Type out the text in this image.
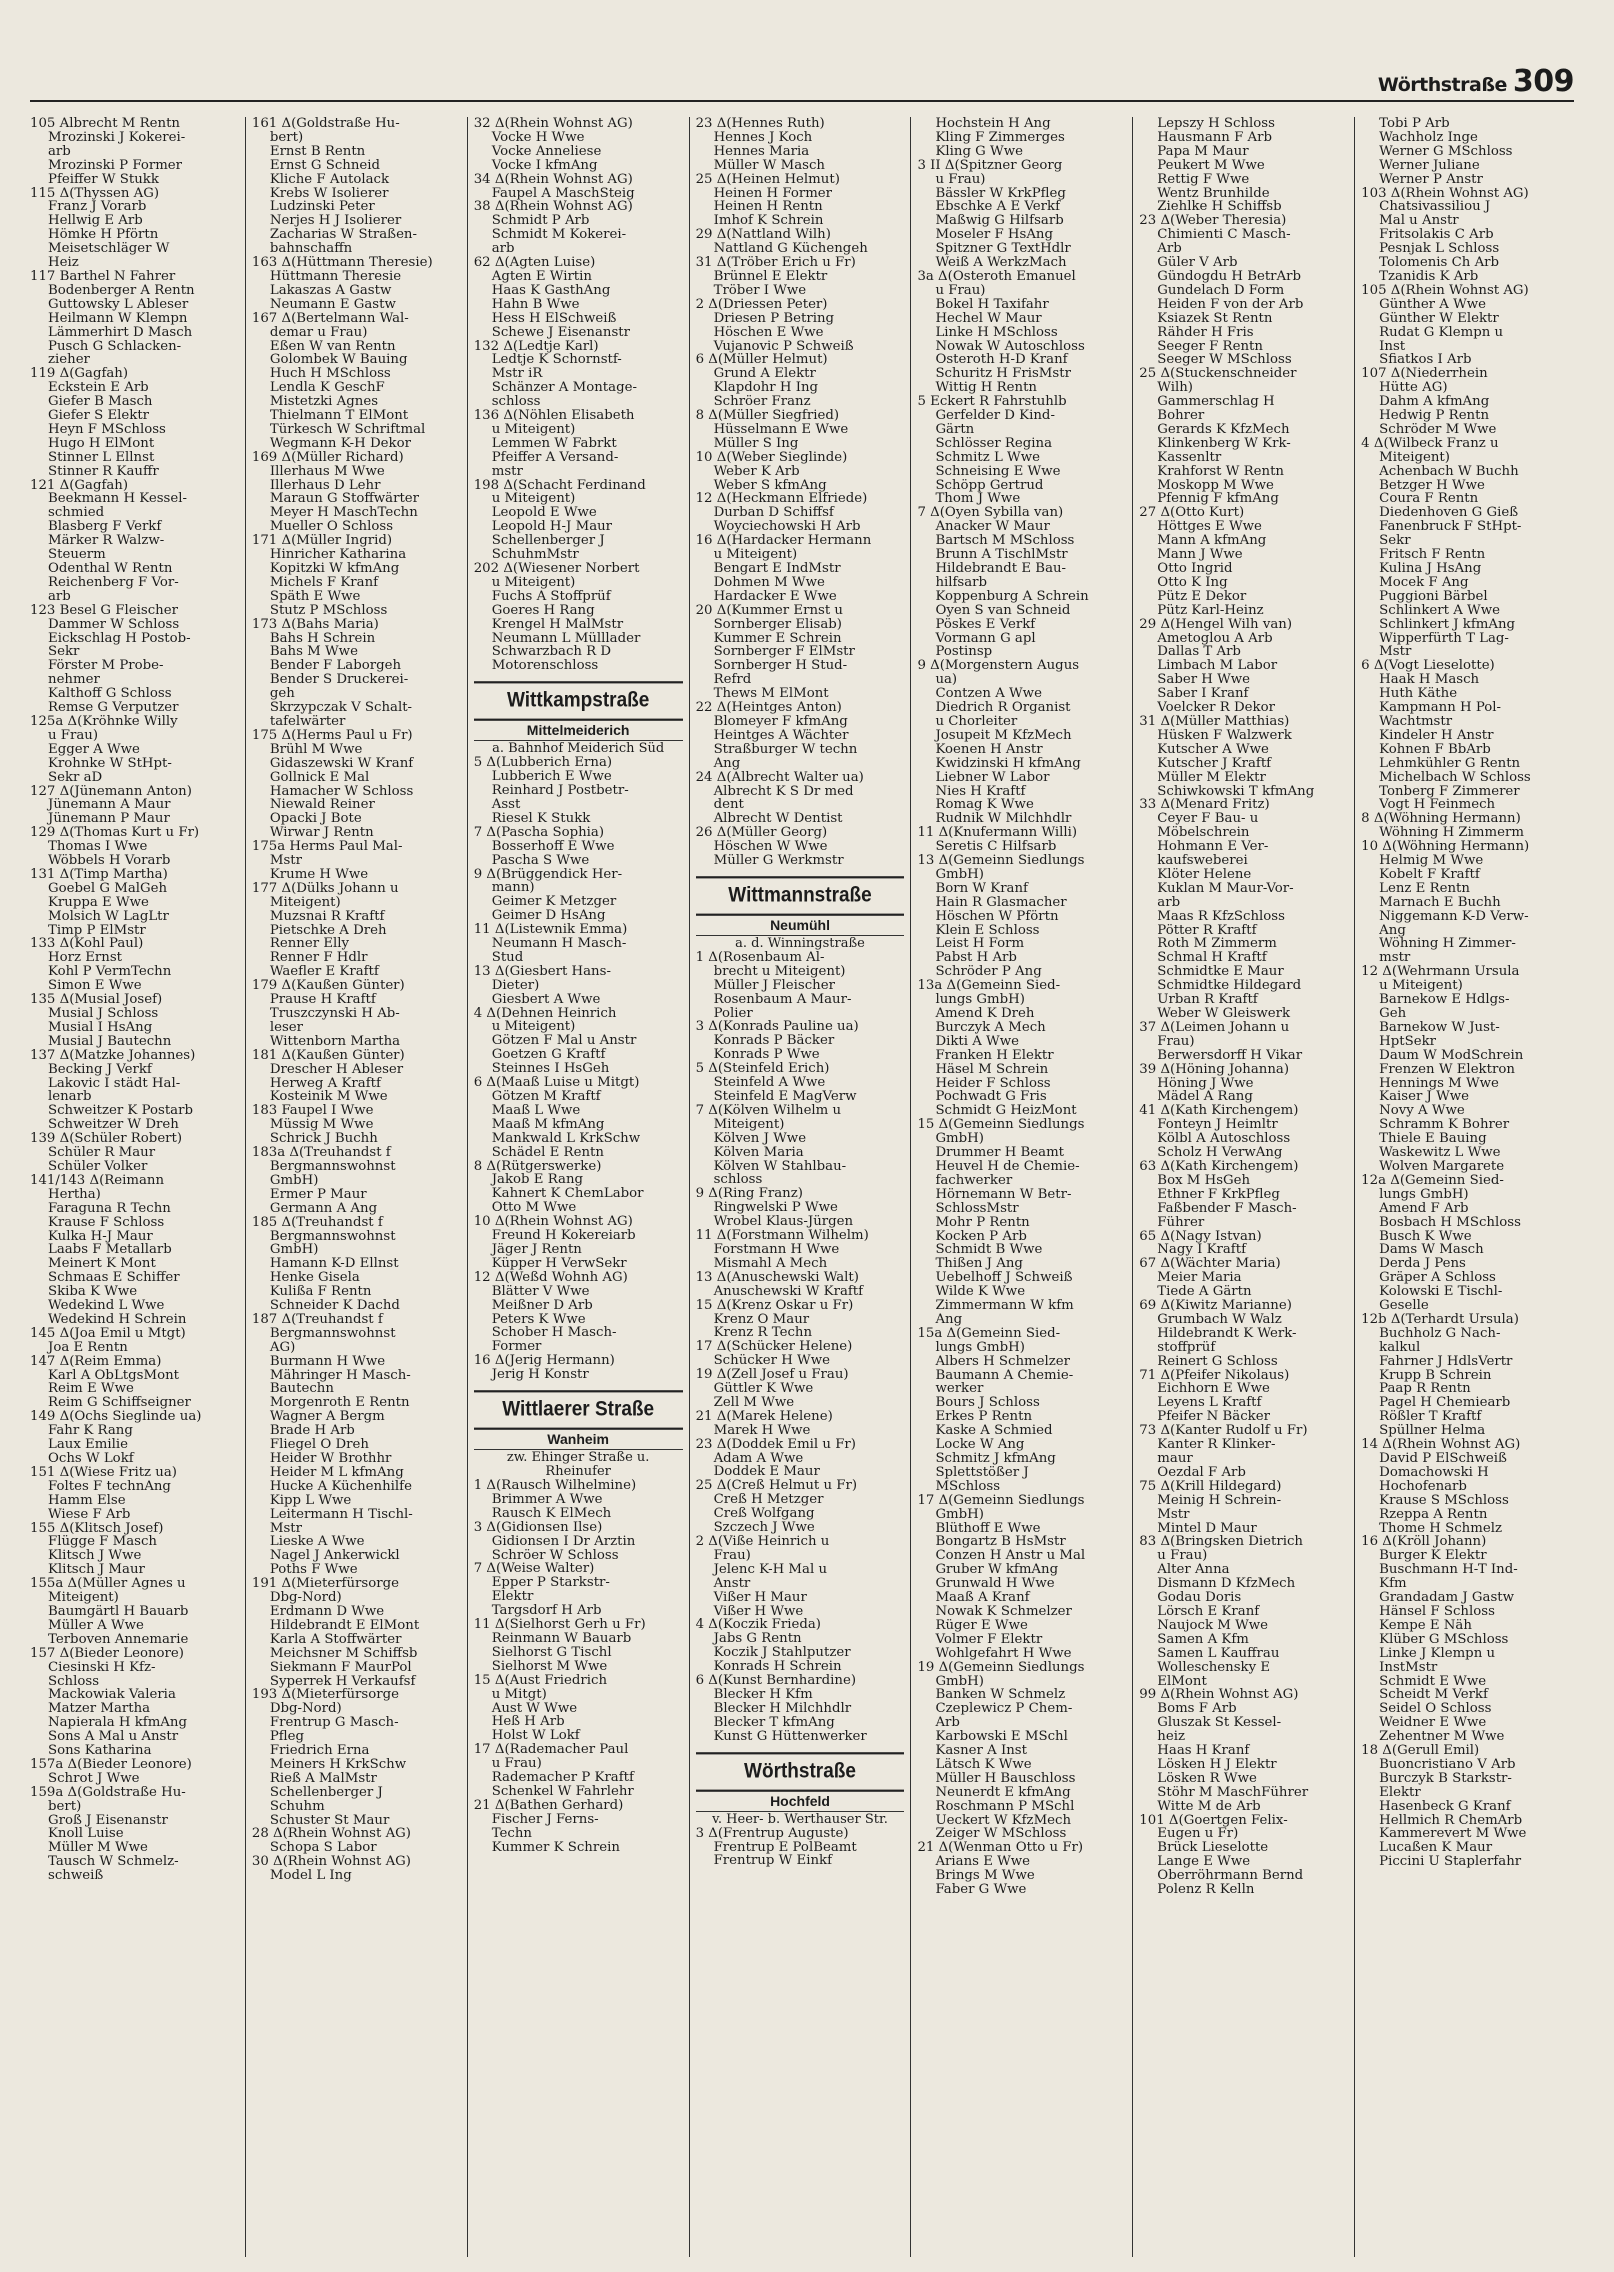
Wörthstraße 309
105 Albrecht M Rentn
Mrozinski J Kokerei-
arb
Mrozinski P Former
Pfeiffer W Stukk
115 Δ(Thyssen AG)
Franz J Vorarb
Hellwig E Arb
Hömke H Pförtn
Meisetschläger W
Heiz
117 Barthel N Fahrer
Bodenberger A Rentn
Guttowsky L Ableser
Heilmann W Klempn
Lämmerhirt D Masch
Pusch G Schlacken-
zieher
119 Δ(Gagfah)
Eckstein E Arb
Giefer B Masch
Giefer S Elektr
Heyn F MSchloss
Hugo H ElMont
Stinner L Ellnst
Stinner R Kauffr
121 Δ(Gagfah)
Beekmann H Kessel-
schmied
Blasberg F Verkf
Märker R Walzw-
Steuerm
Odenthal W Rentn
Reichenberg F Vor-
arb
123 Besel G Fleischer
Dammer W Schloss
Eickschlag H Postob-
Sekr
Förster M Probe-
nehmer
Kalthoff G Schloss
Remse G Verputzer
125a Δ(Kröhnke Willy
u Frau)
Egger A Wwe
Krohnke W StHpt-
Sekr aD
127 Δ(Jünemann Anton)
Jünemann A Maur
Jünemann P Maur
129 Δ(Thomas Kurt u Fr)
Thomas I Wwe
Wöbbels H Vorarb
131 Δ(Timp Martha)
Goebel G MalGeh
Kruppa E Wwe
Molsich W LagLtr
Timp P ElMstr
133 Δ(Kohl Paul)
Horz Ernst
Kohl P VermTechn
Simon E Wwe
135 Δ(Musial Josef)
Musial J Schloss
Musial I HsAng
Musial J Bautechn
137 Δ(Matzke Johannes)
Becking J Verkf
Lakovic I städt Hal-
lenarb
Schweitzer K Postarb
Schweitzer W Dreh
139 Δ(Schüler Robert)
Schüler R Maur
Schüler Volker
141/143 Δ(Reimann
Hertha)
Faraguna R Techn
Krause F Schloss
Kulka H-J Maur
Laabs F Metallarb
Meinert K Mont
Schmaas E Schiffer
Skiba K Wwe
Wedekind L Wwe
Wedekind H Schrein
145 Δ(Joa Emil u Mtgt)
Joa E Rentn
147 Δ(Reim Emma)
Karl A ObLtgsMont
Reim E Wwe
Reim G Schiffseigner
149 Δ(Ochs Sieglinde ua)
Fahr K Rang
Laux Emilie
Ochs W Lokf
151 Δ(Wiese Fritz ua)
Foltes F technAng
Hamm Else
Wiese F Arb
155 Δ(Klitsch Josef)
Flügge F Masch
Klitsch J Wwe
Klitsch J Maur
155a Δ(Müller Agnes u
Miteigent)
Baumgärtl H Bauarb
Müller A Wwe
Terboven Annemarie
157 Δ(Bieder Leonore)
Ciesinski H Kfz-
Schloss
Mackowiak Valeria
Matzer Martha
Napierala H kfmAng
Sons A Mal u Anstr
Sons Katharina
157a Δ(Bieder Leonore)
Schrot J Wwe
159a Δ(Goldstraße Hu-
bert)
Groß J Eisenanstr
Knoll Luise
Müller M Wwe
Tausch W Schmelz-
schweiß
161 Δ(Goldstraße Hu-
bert)
Ernst B Rentn
Ernst G Schneid
Kliche F Autolack
Krebs W Isolierer
Ludzinski Peter
Nerjes H J Isolierer
Zacharias W Straßen-
bahnschaffn
163 Δ(Hüttmann Theresie)
Hüttmann Theresie
Lakaszas A Gastw
Neumann E Gastw
167 Δ(Bertelmann Wal-
demar u Frau)
Eßen W van Rentn
Golombek W Bauing
Huch H MSchloss
Lendla K GeschF
Mistetzki Agnes
Thielmann T ElMont
Türkesch W Schriftmal
Wegmann K-H Dekor
169 Δ(Müller Richard)
Illerhaus M Wwe
Illerhaus D Lehr
Maraun G Stoffwärter
Meyer H MaschTechn
Mueller O Schloss
171 Δ(Müller Ingrid)
Hinricher Katharina
Kopitzki W kfmAng
Michels F Kranf
Späth E Wwe
Stutz P MSchloss
173 Δ(Bahs Maria)
Bahs H Schrein
Bahs M Wwe
Bender F Laborgeh
Bender S Druckerei-
geh
Skrzypczak V Schalt-
tafelwärter
175 Δ(Herms Paul u Fr)
Brühl M Wwe
Gidaszewski W Kranf
Gollnick E Mal
Hamacher W Schloss
Niewald Reiner
Opacki J Bote
Wirwar J Rentn
175a Herms Paul Mal-
Mstr
Krume H Wwe
177 Δ(Dülks Johann u
Miteigent)
Muzsnai R Kraftf
Pietschke A Dreh
Renner Elly
Renner F Hdlr
Waefler E Kraftf
179 Δ(Kaußen Günter)
Prause H Kraftf
Truszczynski H Ab-
leser
Wittenborn Martha
181 Δ(Kaußen Günter)
Drescher H Ableser
Herweg A Kraftf
Kosteinik M Wwe
183 Faupel I Wwe
Müssig M Wwe
Schrick J Buchh
183a Δ(Treuhandst f
Bergmannswohnst
GmbH)
Ermer P Maur
Germann A Ang
185 Δ(Treuhandst f
Bergmannswohnst
GmbH)
Hamann K-D Ellnst
Henke Gisela
Kulißa F Rentn
Schneider K Dachd
187 Δ(Treuhandst f
Bergmannswohnst
AG)
Burmann H Wwe
Mähringer H Masch-
Bautechn
Morgenroth E Rentn
Wagner A Bergm
Brade H Arb
Fliegel O Dreh
Heider W Brothhr
Heider M L kfmAng
Hucke A Küchenhilfe
Kipp L Wwe
Leitermann H Tischl-
Mstr
Lieske A Wwe
Nagel J Ankerwickl
Poths F Wwe
191 Δ(Mieterfürsorge
Dbg-Nord)
Erdmann D Wwe
Hildebrandt E ElMont
Karla A Stoffwärter
Meichsner M Schiffsb
Siekmann F MaurPol
Syperrek H Verkaufsf
193 Δ(Mieterfürsorge
Dbg-Nord)
Frentrup G Masch-
Pfleg
Friedrich Erna
Meiners H KrkSchw
Rieß A MalMstr
Schellenberger J
Schuhm
Schuster St Maur
28 Δ(Rhein Wohnst AG)
Schopa S Labor
30 Δ(Rhein Wohnst AG)
Model L Ing
32 Δ(Rhein Wohnst AG)
Vocke H Wwe
Vocke Anneliese
Vocke I kfmAng
34 Δ(Rhein Wohnst AG)
Faupel A MaschSteig
38 Δ(Rhein Wohnst AG)
Schmidt P Arb
Schmidt M Kokerei-
arb
62 Δ(Agten Luise)
Agten E Wirtin
Haas K GasthAng
Hahn B Wwe
Hess H ElSchweiß
Schewe J Eisenanstr
132 Δ(Ledtje Karl)
Ledtje K Schornstf-
Mstr iR
Schänzer A Montage-
schloss
136 Δ(Nöhlen Elisabeth
u Miteigent)
Lemmen W Fabrkt
Pfeiffer A Versand-
mstr
198 Δ(Schacht Ferdinand
u Miteigent)
Leopold E Wwe
Leopold H-J Maur
Schellenberger J
SchuhmMstr
202 Δ(Wiesener Norbert
u Miteigent)
Fuchs A Stoffprüf
Goeres H Rang
Krengel H MalMstr
Neumann L Mülllader
Schwarzbach R D
Motorenschloss
Wittkampstraße
Mittelmeiderich
a. Bahnhof Meiderich Süd
5 Δ(Lubberich Erna)
Lubberich E Wwe
Reinhard J Postbetr-
Asst
Riesel K Stukk
7 Δ(Pascha Sophia)
Bosserhoff E Wwe
Pascha S Wwe
9 Δ(Brüggendick Her-
mann)
Geimer K Metzger
Geimer D HsAng
11 Δ(Listewnik Emma)
Neumann H Masch-
Stud
13 Δ(Giesbert Hans-
Dieter)
Giesbert A Wwe
4 Δ(Dehnen Heinrich
u Miteigent)
Götzen F Mal u Anstr
Goetzen G Kraftf
Steinnes I HsGeh
6 Δ(Maaß Luise u Mitgt)
Götzen M Kraftf
Maaß L Wwe
Maaß M kfmAng
Mankwald L KrkSchw
Schädel E Rentn
8 Δ(Rütgerswerke)
Jakob E Rang
Kahnert K ChemLabor
Otto M Wwe
10 Δ(Rhein Wohnst AG)
Freund H Kokereiarb
Jäger J Rentn
Küpper H VerwSekr
12 Δ(Weßd Wohnh AG)
Blätter V Wwe
Meißner D Arb
Peters K Wwe
Schober H Masch-
Former
16 Δ(Jerig Hermann)
Jerig H Konstr
Wittlaerer Straße
Wanheim
zw. Ehinger Straße u.
Rheinufer
1 Δ(Rausch Wilhelmine)
Brimmer A Wwe
Rausch K ElMech
3 Δ(Gidionsen Ilse)
Gidionsen I Dr Ärztin
Schröer W Schloss
7 Δ(Weise Walter)
Epper P Starkstr-
Elektr
Targsdorf H Arb
11 Δ(Sielhorst Gerh u Fr)
Reinmann W Bauarb
Sielhorst G Tischl
Sielhorst M Wwe
15 Δ(Aust Friedrich
u Mitgt)
Aust W Wwe
Heß H Arb
Holst W Lokf
17 Δ(Rademacher Paul
u Frau)
Rademacher P Kraftf
Schenkel W Fahrlehr
21 Δ(Bathen Gerhard)
Fischer J Ferns-
Techn
Kummer K Schrein
23 Δ(Hennes Ruth)
Hennes J Koch
Hennes Maria
Müller W Masch
25 Δ(Heinen Helmut)
Heinen H Former
Heinen H Rentn
Imhof K Schrein
29 Δ(Nattland Wilh)
Nattland G Küchengeh
31 Δ(Tröber Erich u Fr)
Brünnel E Elektr
Tröber I Wwe
2 Δ(Driessen Peter)
Driesen P Betring
Höschen E Wwe
Vujanovic P Schweiß
6 Δ(Müller Helmut)
Grund A Elektr
Klapdohr H Ing
Schröer Franz
8 Δ(Müller Siegfried)
Hüsselmann E Wwe
Müller S Ing
10 Δ(Weber Sieglinde)
Weber K Arb
Weber S kfmAng
12 Δ(Heckmann Elfriede)
Durban D Schiffsf
Woyciechowski H Arb
16 Δ(Hardacker Hermann
u Miteigent)
Bengart E IndMstr
Dohmen M Wwe
Hardacker E Wwe
20 Δ(Kummer Ernst u
Sornberger Elisab)
Kummer E Schrein
Sornberger F ElMstr
Sornberger H Stud-
Refrd
Thews M ElMont
22 Δ(Heintges Anton)
Blomeyer F kfmAng
Heintges A Wächter
Straßburger W techn
Ang
24 Δ(Albrecht Walter ua)
Albrecht K S Dr med
dent
Albrecht W Dentist
26 Δ(Müller Georg)
Höschen W Wwe
Müller G Werkmstr
Wittmannstraße
Neumühl
a. d. Winningstraße
1 Δ(Rosenbaum Al-
brecht u Miteigent)
Müller J Fleischer
Rosenbaum A Maur-
Polier
3 Δ(Konrads Pauline ua)
Konrads P Bäcker
Konrads P Wwe
5 Δ(Steinfeld Erich)
Steinfeld A Wwe
Steinfeld E MagVerw
7 Δ(Kölven Wilhelm u
Miteigent)
Kölven J Wwe
Kölven Maria
Kölven W Stahlbau-
schloss
9 Δ(Ring Franz)
Ringwelski P Wwe
Wrobel Klaus-Jürgen
11 Δ(Forstmann Wilhelm)
Forstmann H Wwe
Mismahl A Mech
13 Δ(Anuschewski Walt)
Anuschewski W Kraftf
15 Δ(Krenz Oskar u Fr)
Krenz O Maur
Krenz R Techn
17 Δ(Schücker Helene)
Schücker H Wwe
19 Δ(Zell Josef u Frau)
Güttler K Wwe
Zell M Wwe
21 Δ(Marek Helene)
Marek H Wwe
23 Δ(Doddek Emil u Fr)
Adam A Wwe
Doddek E Maur
25 Δ(Creß Helmut u Fr)
Creß H Metzger
Creß Wolfgang
Szczech J Wwe
2 Δ(Viße Heinrich u
Frau)
Jelenc K-H Mal u
Anstr
Vißer H Maur
Vißer H Wwe
4 Δ(Koczik Frieda)
Jabs G Rentn
Koczik J Stahlputzer
Konrads H Schrein
6 Δ(Kunst Bernhardine)
Blecker H Kfm
Blecker H Milchhdlr
Blecker T kfmAng
Kunst G Hüttenwerker
Wörthstraße
Hochfeld
v. Heer- b. Werthauser Str.
3 Δ(Frentrup Auguste)
Frentrup E PolBeamt
Frentrup W Einkf
Hochstein H Ang
Kling F Zimmerges
Kling G Wwe
3 II Δ(Spitzner Georg
u Frau)
Bässler W KrkPfleg
Ebschke A E Verkf
Maßwig G Hilfsarb
Moseler F HsAng
Spitzner G TextHdlr
Weiß A WerkzMach
3a Δ(Osteroth Emanuel
u Frau)
Bokel H Taxifahr
Hechel W Maur
Linke H MSchloss
Nowak W Autoschloss
Osteroth H-D Kranf
Schuritz H FrisMstr
Wittig H Rentn
5 Eckert R Fahrstuhlb
Gerfelder D Kind-
Gärtn
Schlösser Regina
Schmitz L Wwe
Schneising E Wwe
Schöpp Gertrud
Thom J Wwe
7 Δ(Oyen Sybilla van)
Anacker W Maur
Bartsch M MSchloss
Brunn A TischlMstr
Hildebrandt E Bau-
hilfsarb
Koppenburg A Schrein
Oyen S van Schneid
Pöskes E Verkf
Vormann G apl
Postinsp
9 Δ(Morgenstern Augus
ua)
Contzen A Wwe
Diedrich R Organist
u Chorleiter
Josupeit M KfzMech
Koenen H Anstr
Kwidzinski H kfmAng
Liebner W Labor
Nies H Kraftf
Romag K Wwe
Rudnik W Milchhdlr
11 Δ(Knufermann Willi)
Seretis C Hilfsarb
13 Δ(Gemeinn Siedlungs
GmbH)
Born W Kranf
Hain R Glasmacher
Höschen W Pförtn
Klein E Schloss
Leist H Form
Pabst H Arb
Schröder P Ang
13a Δ(Gemeinn Sied-
lungs GmbH)
Amend K Dreh
Burczyk A Mech
Dikti A Wwe
Franken H Elektr
Häsel M Schrein
Heider F Schloss
Pochwadt G Fris
Schmidt G HeizMont
15 Δ(Gemeinn Siedlungs
GmbH)
Drummer H Beamt
Heuvel H de Chemie-
fachwerker
Hörnemann W Betr-
SchlossMstr
Mohr P Rentn
Kocken P Arb
Schmidt B Wwe
Thißen J Ang
Uebelhoff J Schweiß
Wilde K Wwe
Zimmermann W kfm
Ang
15a Δ(Gemeinn Sied-
lungs GmbH)
Albers H Schmelzer
Baumann A Chemie-
werker
Bours J Schloss
Erkes P Rentn
Kaske A Schmied
Locke W Ang
Schmitz J kfmAng
Splettstößer J
MSchloss
17 Δ(Gemeinn Siedlungs
GmbH)
Blüthoff E Wwe
Bongartz B HsMstr
Conzen H Anstr u Mal
Gruber W kfmAng
Grunwald H Wwe
Maaß A Kranf
Nowak K Schmelzer
Rüger E Wwe
Volmer F Elektr
Wohlgefahrt H Wwe
19 Δ(Gemeinn Siedlungs
GmbH)
Banken W Schmelz
Czeplewicz P Chem-
Arb
Karbowski E MSchl
Kasner A Inst
Lätsch K Wwe
Müller H Bauschloss
Neunerdt E kfmAng
Roschmann P MSchl
Ueckert W KfzMech
Zeiger W MSchloss
21 Δ(Wenman Otto u Fr)
Arians E Wwe
Brings M Wwe
Faber G Wwe
Lepszy H Schloss
Hausmann F Arb
Papa M Maur
Peukert M Wwe
Rettig F Wwe
Wentz Brunhilde
Ziehlke H Schiffsb
23 Δ(Weber Theresia)
Chimienti C Masch-
Arb
Güler V Arb
Gündogdu H BetrArb
Gundelach D Form
Heiden F von der Arb
Ksiazek St Rentn
Rähder H Fris
Seeger F Rentn
Seeger W MSchloss
25 Δ(Stuckenschneider
Wilh)
Gammerschlag H
Bohrer
Gerards K KfzMech
Klinkenberg W Krk-
Kassenltr
Krahforst W Rentn
Moskopp M Wwe
Pfennig F kfmAng
27 Δ(Otto Kurt)
Höttges E Wwe
Mann A kfmAng
Mann J Wwe
Otto Ingrid
Otto K Ing
Pütz E Dekor
Pütz Karl-Heinz
29 Δ(Hengel Wilh van)
Ametoglou A Arb
Dallas T Arb
Limbach M Labor
Saber H Wwe
Saber I Kranf
Voelcker R Dekor
31 Δ(Müller Matthias)
Hüsken F Walzwerk
Kutscher A Wwe
Kutscher J Kraftf
Müller M Elektr
Schiwkowski T kfmAng
33 Δ(Menard Fritz)
Ceyer F Bau- u
Möbelschrein
Hohmann E Ver-
kaufsweberei
Klöter Helene
Kuklan M Maur-Vor-
arb
Maas R KfzSchloss
Pötter R Kraftf
Roth M Zimmerm
Schmal H Kraftf
Schmidtke E Maur
Schmidtke Hildegard
Urban R Kraftf
Weber W Gleiswerk
37 Δ(Leimen Johann u
Frau)
Berwersdorff H Vikar
39 Δ(Höning Johanna)
Höning J Wwe
Mädel A Rang
41 Δ(Kath Kirchengem)
Fonteyn J Heimltr
Kölbl A Autoschloss
Scholz H VerwAng
63 Δ(Kath Kirchengem)
Box M HsGeh
Ethner F KrkPfleg
Faßbender F Masch-
Führer
65 Δ(Nagy Istvan)
Nagy I Kraftf
67 Δ(Wächter Maria)
Meier Maria
Tiede A Gärtn
69 Δ(Kiwitz Marianne)
Grumbach W Walz
Hildebrandt K Werk-
stoffprüf
Reinert G Schloss
71 Δ(Pfeifer Nikolaus)
Eichhorn E Wwe
Leyens L Kraftf
Pfeifer N Bäcker
73 Δ(Kanter Rudolf u Fr)
Kanter R Klinker-
maur
Oezdal F Arb
75 Δ(Krill Hildegard)
Meinig H Schrein-
Mstr
Mintel D Maur
83 Δ(Bringsken Dietrich
u Frau)
Alter Anna
Dismann D KfzMech
Godau Doris
Lörsch E Kranf
Naujock M Wwe
Samen A Kfm
Samen L Kauffrau
Wolleschensky E
ElMont
99 Δ(Rhein Wohnst AG)
Boms F Arb
Gluszak St Kessel-
heiz
Haas H Kranf
Lösken H J Elektr
Lösken R Wwe
Stöhr M MaschFührer
Witte M de Arb
101 Δ(Goertgen Felix-
Eugen u Fr)
Brück Lieselotte
Lange E Wwe
Oberröhrmann Bernd
Polenz R Kelln
Tobi P Arb
Wachholz Inge
Werner G MSchloss
Werner Juliane
Werner P Anstr
103 Δ(Rhein Wohnst AG)
Chatsivassiliou J
Mal u Anstr
Fritsolakis C Arb
Pesnjak L Schloss
Tolomenis Ch Arb
Tzanidis K Arb
105 Δ(Rhein Wohnst AG)
Günther A Wwe
Günther W Elektr
Rudat G Klempn u
Inst
Sfiatkos I Arb
107 Δ(Niederrhein
Hütte AG)
Dahm A kfmAng
Hedwig P Rentn
Schröder M Wwe
4 Δ(Wilbeck Franz u
Miteigent)
Achenbach W Buchh
Betzger H Wwe
Coura F Rentn
Diedenhoven G Gieß
Fanenbruck F StHpt-
Sekr
Fritsch F Rentn
Kulina J HsAng
Mocek F Ang
Puggioni Bärbel
Schlinkert A Wwe
Schlinkert J kfmAng
Wipperfürth T Lag-
Mstr
6 Δ(Vogt Lieselotte)
Haak H Masch
Huth Käthe
Kampmann H Pol-
Wachtmstr
Kindeler H Anstr
Kohnen F BbArb
Lehmkühler G Rentn
Michelbach W Schloss
Tonberg F Zimmerer
Vogt H Feinmech
8 Δ(Wöhning Hermann)
Wöhning H Zimmerm
10 Δ(Wöhning Hermann)
Helmig M Wwe
Kobelt F Kraftf
Lenz E Rentn
Marnach E Buchh
Niggemann K-D Verw-
Ang
Wöhning H Zimmer-
mstr
12 Δ(Wehrmann Ursula
u Miteigent)
Barnekow E Hdlgs-
Geh
Barnekow W Just-
HptSekr
Daum W ModSchrein
Frenzen W Elektron
Hennings M Wwe
Kaiser J Wwe
Novy A Wwe
Schramm K Bohrer
Thiele E Bauing
Waskewitz L Wwe
Wolven Margarete
12a Δ(Gemeinn Sied-
lungs GmbH)
Amend F Arb
Bosbach H MSchloss
Busch K Wwe
Dams W Masch
Derda J Pens
Gräper A Schloss
Kolowski E Tischl-
Geselle
12b Δ(Terhardt Ursula)
Buchholz G Nach-
kalkul
Fahrner J HdlsVertr
Krupp B Schrein
Paap R Rentn
Pagel H Chemiearb
Rößler T Kraftf
Spüllner Helma
14 Δ(Rhein Wohnst AG)
David P ElSchweiß
Domachowski H
Hochofenarb
Krause S MSchloss
Rzeppa A Rentn
Thome H Schmelz
16 Δ(Kröll Johann)
Burger K Elektr
Buschmann H-T Ind-
Kfm
Grandadam J Gastw
Hänsel F Schloss
Kempe E Näh
Klüber G MSchloss
Linke J Klempn u
InstMstr
Schmidt E Wwe
Scheidt M Verkf
Seidel O Schloss
Weidner E Wwe
Zehentner M Wwe
18 Δ(Gerull Emil)
Buoncristiano V Arb
Burczyk B Starkstr-
Elektr
Hasenbeck G Kranf
Hellmich R ChemArb
Kammerevert M Wwe
Lucaßen K Maur
Piccini U Staplerfahr
